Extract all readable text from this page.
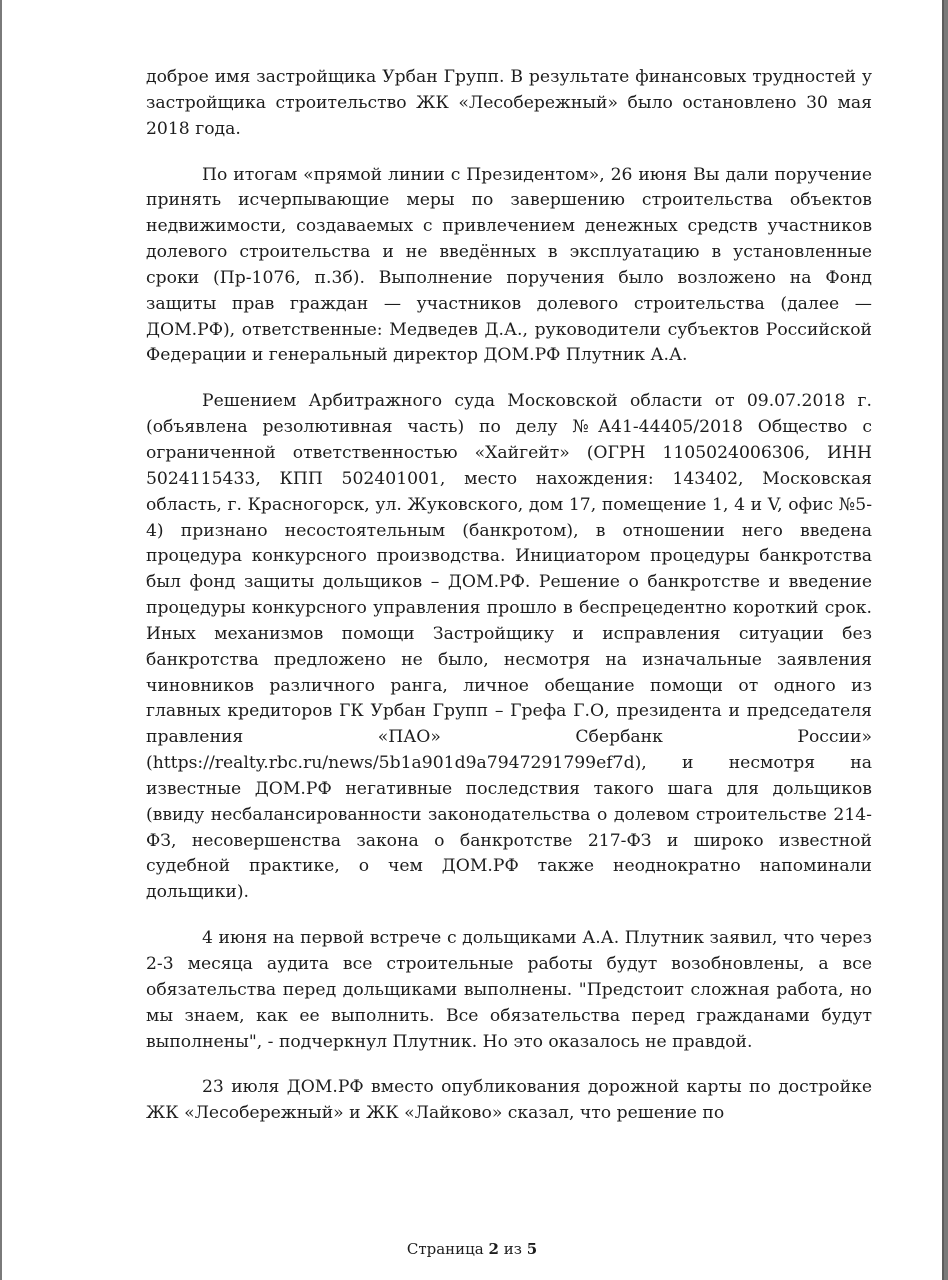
доброе имя застройщика Урбан Групп. В результате финансовых трудностей у застройщика строительство ЖК «Лесобережный» было остановлено 30 мая 2018 года.

По итогам «прямой линии с Президентом», 26 июня Вы дали поручение принять исчерпывающие меры по завершению строительства объектов недвижимости, создаваемых с привлечением денежных средств участников долевого строительства и не введённых в эксплуатацию в установленные сроки (Пр-1076, п.3б). Выполнение поручения было возложено на Фонд защиты прав граждан — участников долевого строительства (далее — ДОМ.РФ), ответственные: Медведев Д.А., руководители субъектов Российской Федерации и генеральный директор ДОМ.РФ Плутник А.А.

Решением Арбитражного суда Московской области от 09.07.2018 г. (объявлена резолютивная часть) по делу №А41-44405/2018 Общество с ограниченной ответственностью «Хайгейт» (ОГРН 1105024006306, ИНН 5024115433, КПП 502401001, место нахождения: 143402, Московская область, г. Красногорск, ул. Жуковского, дом 17, помещение 1, 4 и V, офис №5-4) признано несостоятельным (банкротом), в отношении него введена процедура конкурсного производства. Инициатором процедуры банкротства был фонд защиты дольщиков – ДОМ.РФ. Решение о банкротстве и введение процедуры конкурсного управления прошло в беспрецедентно короткий срок. Иных механизмов помощи Застройщику и исправления ситуации без банкротства предложено не было, несмотря на изначальные заявления чиновников различного ранга, личное обещание помощи от одного из главных кредиторов ГК Урбан Групп – Грефа Г.О, президента и председателя правления «ПАО» Сбербанк России» (https://realty.rbc.ru/news/5b1a901d9a7947291799ef7d), и несмотря на известные ДОМ.РФ негативные последствия такого шага для дольщиков (ввиду несбалансированности законодательства о долевом строительстве 214-ФЗ, несовершенства закона о банкротстве 217-ФЗ и широко известной судебной практике, о чем ДОМ.РФ также неоднократно напоминали дольщики).

4 июня на первой встрече с дольщиками А.А. Плутник заявил, что через 2-3 месяца аудита все строительные работы будут возобновлены, а все обязательства перед дольщиками выполнены. "Предстоит сложная работа, но мы знаем, как ее выполнить. Все обязательства перед гражданами будут выполнены", - подчеркнул Плутник. Но это оказалось не правдой.

23 июля ДОМ.РФ вместо опубликования дорожной карты по достройке ЖК «Лесобережный» и ЖК «Лайково» сказал, что решение по

Страница 2 из 5
